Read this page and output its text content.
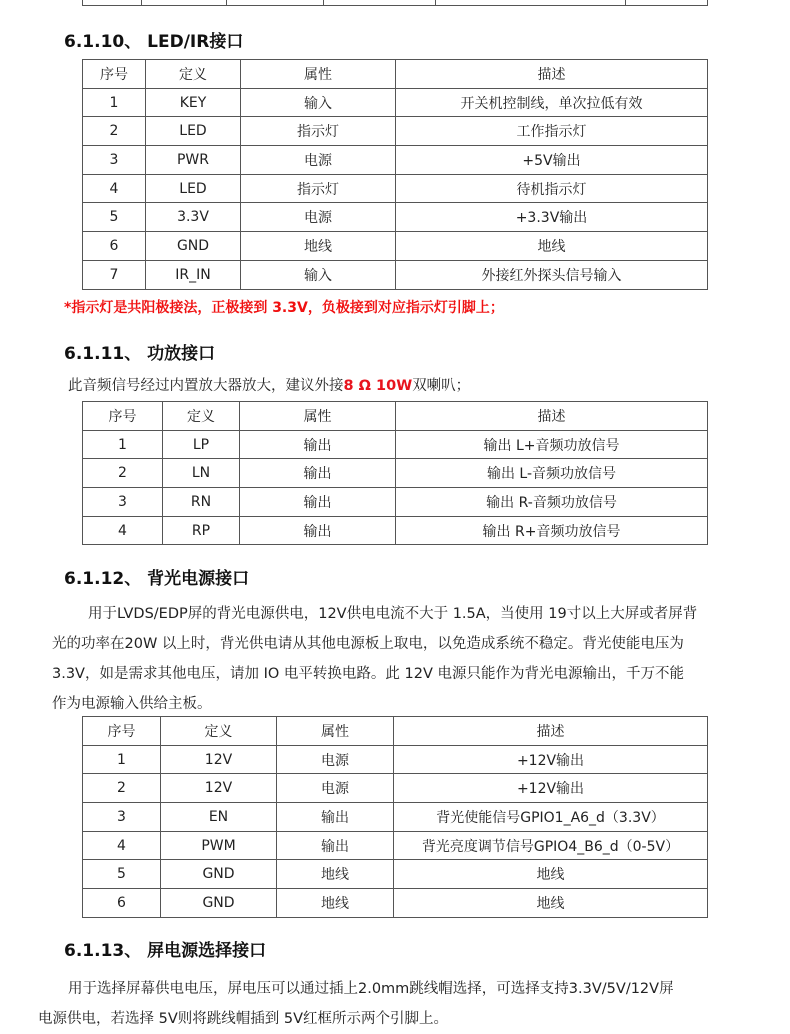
6.1.10、 LED/IR接口
序号	定义	属性	描述
1	KEY	输入	开关机控制线，单次拉低有效
2	LED	指示灯	工作指示灯
3	PWR	电源	+5V输出
4	LED	指示灯	待机指示灯
5	3.3V	电源	+3.3V输出
6	GND	地线	地线
7	IR_IN	输入	外接红外探头信号输入
*指示灯是共阳极接法，正极接到 3.3V，负极接到对应指示灯引脚上；
6.1.11、 功放接口
此音频信号经过内置放大器放大，建议外接8 Ω 10W双喇叭；
序号	定义	属性	描述
1	LP	输出	输出 L+音频功放信号
2	LN	输出	输出 L-音频功放信号
3	RN	输出	输出 R-音频功放信号
4	RP	输出	输出 R+音频功放信号
6.1.12、 背光电源接口
用于LVDS/EDP屏的背光电源供电，12V供电电流不大于 1.5A，当使用 19寸以上大屏或者屏背
光的功率在20W 以上时，背光供电请从其他电源板上取电，以免造成系统不稳定。背光使能电压为
3.3V，如是需求其他电压，请加 IO 电平转换电路。此 12V 电源只能作为背光电源输出，千万不能
作为电源输入供给主板。
序号	定义	属性	描述
1	12V	电源	+12V输出
2	12V	电源	+12V输出
3	EN	输出	背光使能信号GPIO1_A6_d（3.3V）
4	PWM	输出	背光亮度调节信号GPIO4_B6_d（0-5V）
5	GND	地线	地线
6	GND	地线	地线
6.1.13、 屏电源选择接口
用于选择屏幕供电电压，屏电压可以通过插上2.0mm跳线帽选择，可选择支持3.3V/5V/12V屏
电源供电，若选择 5V则将跳线帽插到 5V红框所示两个引脚上。
